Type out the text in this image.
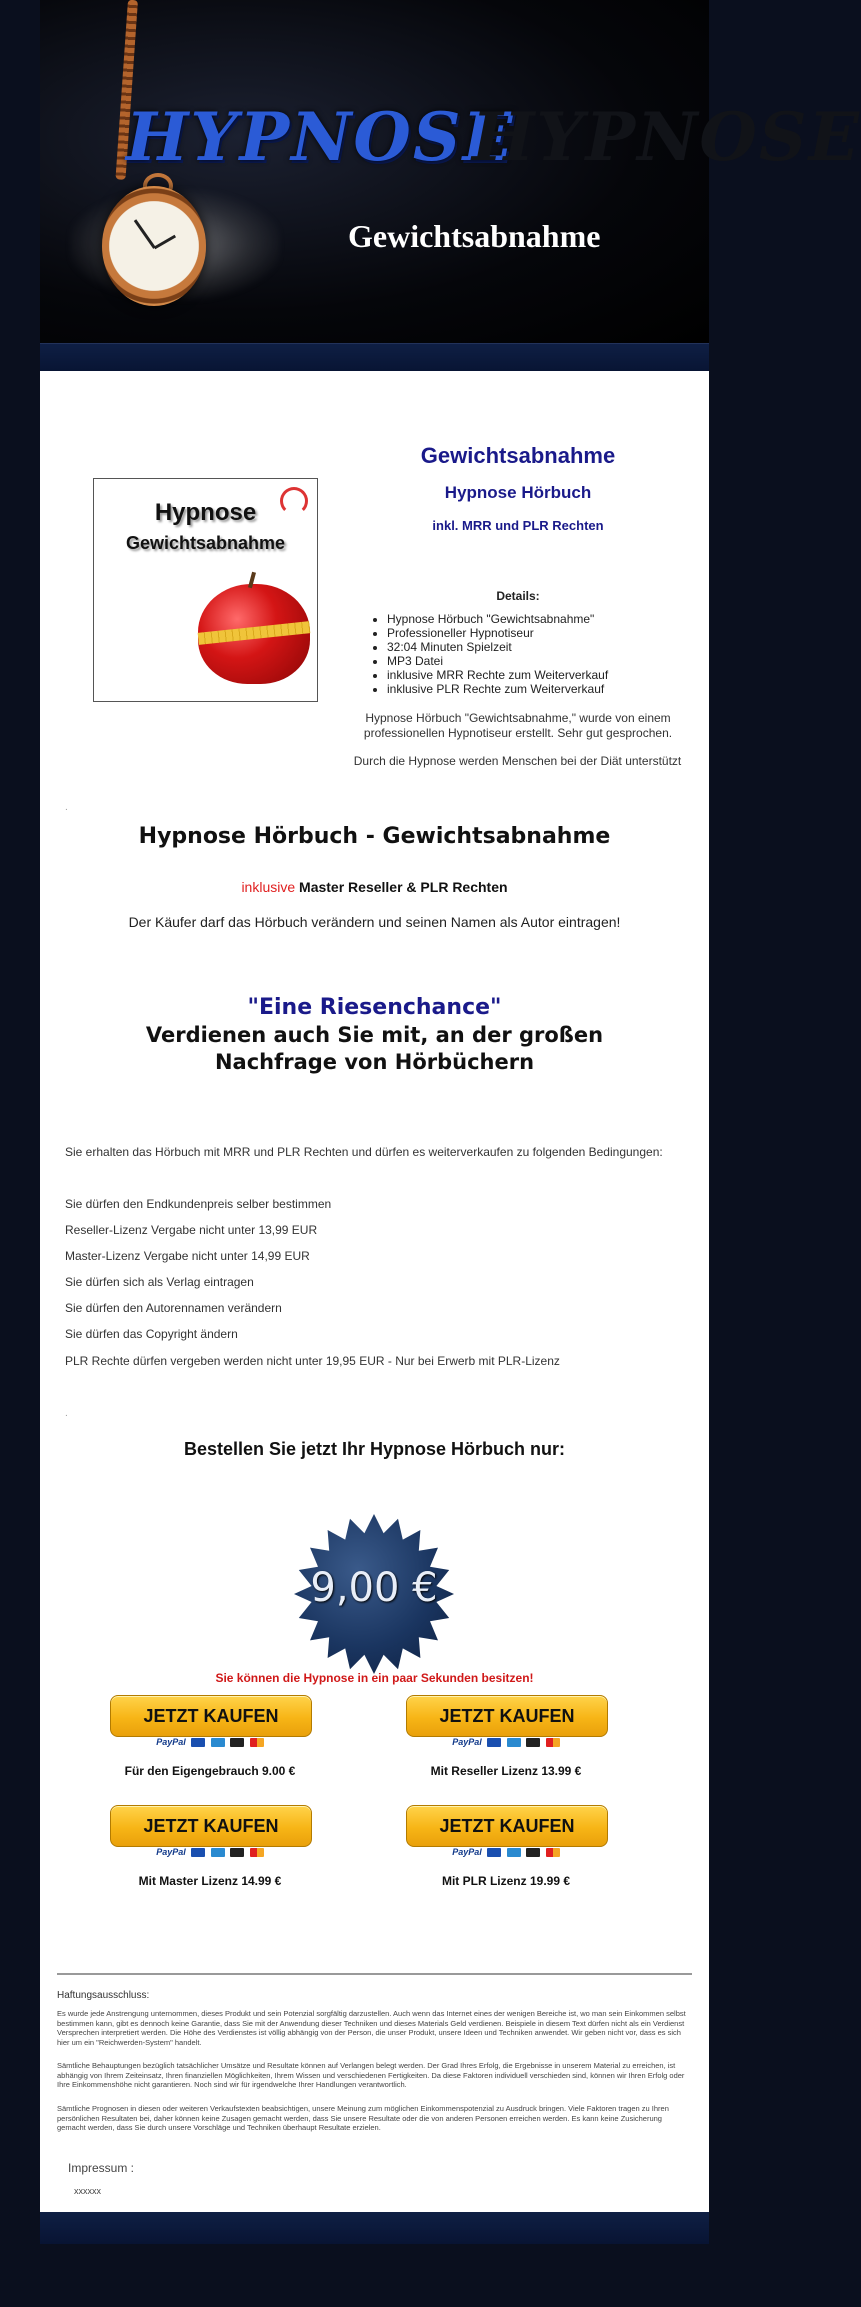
HYPNOSE
HYPNOSE
Gewichtsabnahme
Hypnose
Gewichtsabnahme
Gewichtsabnahme
Hypnose Hörbuch
inkl. MRR und PLR Rechten
Details:
• Hypnose Hörbuch "Gewichtsabnahme"
• Professioneller Hypnotiseur
• 32:04 Minuten Spielzeit
• MP3 Datei
• inklusive MRR Rechte zum Weiterverkauf
• inklusive PLR Rechte zum Weiterverkauf
Hypnose Hörbuch "Gewichtsabnahme," wurde von einem professionellen Hypnotiseur erstellt. Sehr gut gesprochen.
Durch die Hypnose werden Menschen bei der Diät unterstützt
.
Hypnose Hörbuch - Gewichtsabnahme
inklusive Master Reseller & PLR Rechten
Der Käufer darf das Hörbuch verändern und seinen Namen als Autor eintragen!
"Eine Riesenchance"
Verdienen auch Sie mit, an der großen Nachfrage von Hörbüchern
Sie erhalten das Hörbuch mit MRR und PLR Rechten und dürfen es weiterverkaufen zu folgenden Bedingungen:
Sie dürfen den Endkundenpreis selber bestimmen
Reseller-Lizenz Vergabe nicht unter 13,99 EUR
Master-Lizenz Vergabe nicht unter 14,99 EUR
Sie dürfen sich als Verlag eintragen
Sie dürfen den Autorennamen verändern
Sie dürfen das Copyright ändern
PLR Rechte dürfen vergeben werden nicht unter 19,95 EUR - Nur bei Erwerb mit PLR-Lizenz
.
Bestellen Sie jetzt Ihr Hypnose Hörbuch nur:
9,00 €
Sie können die Hypnose in ein paar Sekunden besitzen!
JETZT KAUFEN
PayPal
Für den Eigengebrauch 9.00 €
JETZT KAUFEN
PayPal
Mit Reseller Lizenz 13.99 €
JETZT KAUFEN
PayPal
Mit Master Lizenz 14.99 €
JETZT KAUFEN
PayPal
Mit PLR Lizenz 19.99 €
Haftungsausschluss:
Es wurde jede Anstrengung unternommen, dieses Produkt und sein Potenzial sorgfältig darzustellen. Auch wenn das Internet eines der wenigen Bereiche ist, wo man sein Einkommen selbst bestimmen kann, gibt es dennoch keine Garantie, dass Sie mit der Anwendung dieser Techniken und dieses Materials Geld verdienen. Beispiele in diesem Text dürfen nicht als ein Verdienst Versprechen interpretiert werden. Die Höhe des Verdienstes ist völlig abhängig von der Person, die unser Produkt, unsere Ideen und Techniken anwendet. Wir geben nicht vor, dass es sich hier um ein "Reichwerden-System" handelt.
Sämtliche Behauptungen bezüglich tatsächlicher Umsätze und Resultate können auf Verlangen belegt werden. Der Grad Ihres Erfolg, die Ergebnisse in unserem Material zu erreichen, ist abhängig von Ihrem Zeiteinsatz, Ihren finanziellen Möglichkeiten, Ihrem Wissen und verschiedenen Fertigkeiten. Da diese Faktoren individuell verschieden sind, können wir Ihren Erfolg oder Ihre Einkommenshöhe nicht garantieren. Noch sind wir für irgendwelche Ihrer Handlungen verantwortlich.
Sämtliche Prognosen in diesen oder weiteren Verkaufstexten beabsichtigen, unsere Meinung zum möglichen Einkommenspotenzial zu Ausdruck bringen. Viele Faktoren tragen zu Ihren persönlichen Resultaten bei, daher können keine Zusagen gemacht werden, dass Sie unsere Resultate oder die von anderen Personen erreichen werden. Es kann keine Zusicherung gemacht werden, dass Sie durch unsere Vorschläge und Techniken überhaupt Resultate erzielen.
Impressum :
xxxxxx
